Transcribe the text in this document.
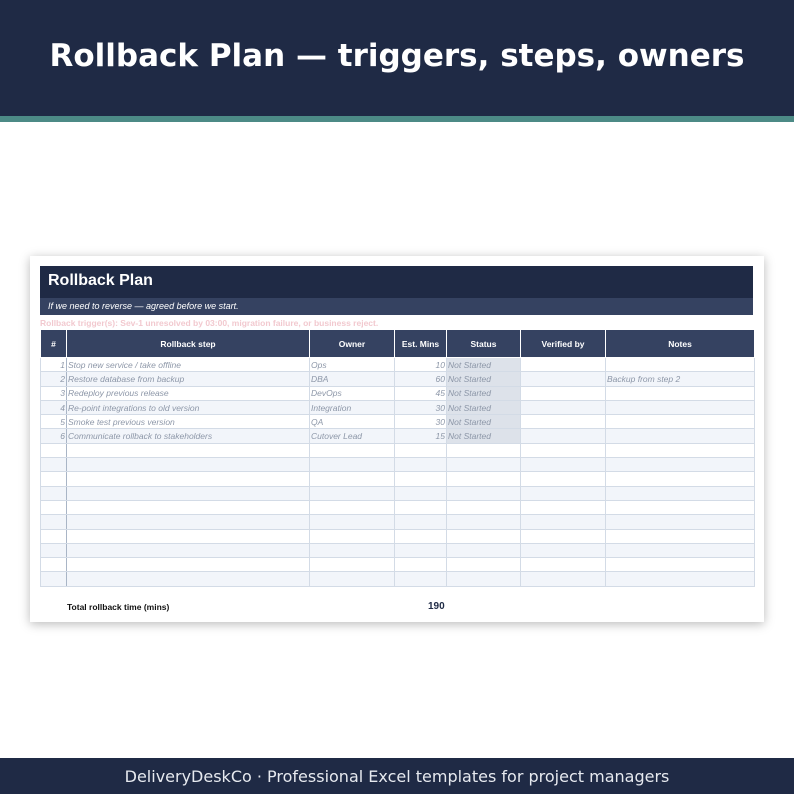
Rollback Plan — triggers, steps, owners
Rollback Plan
If we need to reverse — agreed before we start.
Rollback trigger(s): Sev-1 unresolved by 03:00, migration failure, or business reject.
#	Rollback step	Owner	Est. Mins	Status	Verified by	Notes
1	Stop new service / take offline	Ops	10	Not Started		
2	Restore database from backup	DBA	60	Not Started		Backup from step 2
3	Redeploy previous release	DevOps	45	Not Started		
4	Re-point integrations to old version	Integration	30	Not Started		
5	Smoke test previous version	QA	30	Not Started		
6	Communicate rollback to stakeholders	Cutover Lead	15	Not Started		

Total rollback time (mins)	190
DeliveryDeskCo · Professional Excel templates for project managers
